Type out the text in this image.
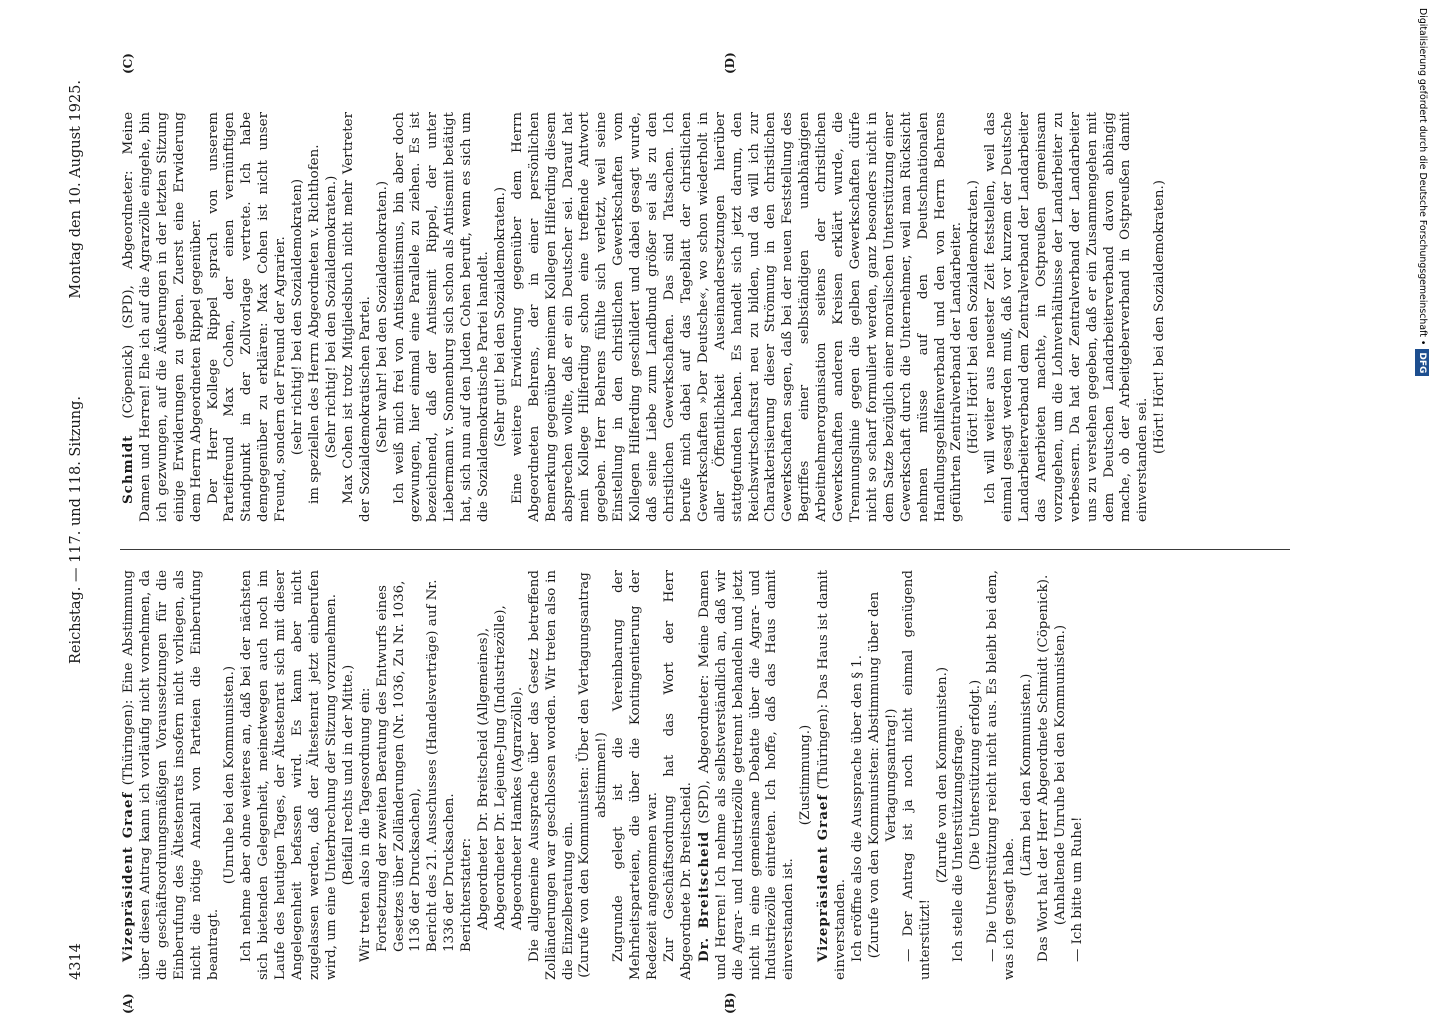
4314
Reichstag. — 117. und 118. Sitzung.
Montag den 10. August 1925.
(A)	(B)
(C)	(D)
Vizepräsident Graef (Thüringen): Eine Abstimmung über diesen Antrag kann ich vorläufig nicht vornehmen, da die geschäftsordnungsmäßigen Voraussetzungen für die Einberufung des Ältestenrats insofern nicht vorliegen, als nicht die nötige Anzahl von Parteien die Einberufung beantragt.
(Unruhe bei den Kommunisten.) Ich nehme aber ohne weiteres an, daß bei der nächsten sich bietenden Gelegenheit, meinetwegen auch noch im Laufe des heutigen Tages, der Ältestenrat sich mit dieser Angelegenheit befassen wird. Es kann aber nicht zugelassen werden, daß der Ältestenrat jetzt einberufen wird, um eine Unterbrechung der Sitzung vorzunehmen. (Beifall rechts und in der Mitte.) Wir treten also in die Tagesordnung ein: Fortsetzung der zweiten Beratung des Entwurfs eines Gesetzes über Zolländerungen (Nr. 1036, Zu Nr. 1036, 1136 der Drucksachen), Bericht des 21. Ausschusses (Handelsverträge) auf Nr. 1336 der Drucksachen. Berichterstatter: Abgeordneter Dr. Breitscheid (Allgemeines), Abgeordneter Dr. Lejeune-Jung (Industriezölle), Abgeordneter Hamkes (Agrarzölle). Die allgemeine Aussprache über das Gesetz betreffend Zolländerungen war geschlossen worden. Wir treten also in die Einzelberatung ein. (Zurufe von den Kommunisten: Über den Vertagungsantrag abstimmen!) Zugrunde gelegt ist die Vereinbarung der Mehrheitsparteien, die über die Kontingentierung der Redezeit angenommen war. Zur Geschäftsordnung hat das Wort der Herr Abgeordnete Dr. Breitscheid. Dr. Breitscheid (SPD), Abgeordneter: Meine Damen und Herren! Ich nehme als selbstverständlich an, daß wir die Agrar- und Industriezölle getrennt behandeln und jetzt nicht in eine gemeinsame Debatte über die Agrar- und Industriezölle eintreten. Ich hoffe, daß das Haus damit einverstanden ist.
(Zustimmung.)
Vizepräsident Graef (Thüringen): Das Haus ist damit einverstanden. Ich eröffne also die Aussprache über den § 1. (Zurufe von den Kommunisten: Abstimmung über den Vertagungsantrag!) — Der Antrag ist ja noch nicht einmal genügend unterstützt!
(Zurufe von den Kommunisten.) Ich stelle die Unterstützungsfrage. (Die Unterstützung erfolgt.) — Die Unterstützung reicht nicht aus. Es bleibt bei dem, was ich gesagt habe.
(Lärm bei den Kommunisten.) Das Wort hat der Herr Abgeordnete Schmidt (Cöpenick). (Anhaltende Unruhe bei den Kommunisten.) — Ich bitte um Ruhe!
Schmidt (Cöpenick) (SPD), Abgeordneter: Meine Damen und Herren! Ehe ich auf die Agrarzölle eingehe, bin ich gezwungen, auf die Äußerungen in der letzten Sitzung einige Erwiderungen zu geben. Zuerst eine Erwiderung dem Herrn Abgeordneten Rippel gegenüber. Der Herr Kollege Rippel sprach von unserem Parteifreund Max Cohen, der einen vernünftigen Standpunkt in der Zollvorlage vertrete. Ich habe demgegenüber zu erklären: Max Cohen ist nicht unser Freund, sondern der Freund der Agrarier. (sehr richtig! bei den Sozialdemokraten) im speziellen des Herrn Abgeordneten v. Richthofen. (Sehr richtig! bei den Sozialdemokraten.) Max Cohen ist trotz Mitgliedsbuch nicht mehr Vertreter der Sozialdemokratischen Partei. (Sehr wahr! bei den Sozialdemokraten.) Ich weiß mich frei von Antisemitismus, bin aber doch gezwungen, hier einmal eine Parallele zu ziehen. Es ist bezeichnend, daß der Antisemit Rippel, der unter Liebermann v. Sonnenburg sich schon als Antisemit betätigt hat, sich nun auf den Juden Cohen beruft, wenn es sich um die Sozialdemokratische Partei handelt. (Sehr gut! bei den Sozialdemokraten.) Eine weitere Erwiderung gegenüber dem Herrn Abgeordneten Behrens, der in einer persönlichen Bemerkung gegenüber meinem Kollegen Hilferding diesem absprechen wollte, daß er ein Deutscher sei. Darauf hat mein Kollege Hilferding schon eine treffende Antwort gegeben. Herr Behrens fühlte sich verletzt, weil seine Einstellung in den christlichen Gewerkschaften vom Kollegen Hilferding geschildert und dabei gesagt wurde, daß seine Liebe zum Landbund größer sei als zu den christlichen Gewerkschaften. Das sind Tatsachen. Ich berufe mich dabei auf das Tageblatt der christlichen Gewerkschaften »Der Deutsche«, wo schon wiederholt in aller Öffentlichkeit Auseinandersetzungen hierüber stattgefunden haben. Es handelt sich jetzt darum, den Reichswirtschaftsrat neu zu bilden, und da will ich zur Charakterisierung dieser Strömung in den christlichen Gewerkschaften sagen, daß bei der neuen Feststellung des Begriffes einer selbständigen unabhängigen Arbeitnehmerorganisation seitens der christlichen Gewerkschaften anderen Kreisen erklärt wurde, die Trennungslinie gegen die gelben Gewerkschaften dürfe nicht so scharf formuliert werden, ganz besonders nicht in dem Satze bezüglich einer moralischen Unterstützung einer Gewerkschaft durch die Unternehmer, weil man Rücksicht nehmen müsse auf den Deutschnationalen Handlungsgehilfenverband und den von Herrn Behrens geführten Zentralverband der Landarbeiter. (Hört! Hört! bei den Sozialdemokraten.) Ich will weiter aus neuester Zeit feststellen, weil das einmal gesagt werden muß, daß vor kurzem der Deutsche Landarbeiterverband dem Zentralverband der Landarbeiter das Anerbieten machte, in Ostpreußen gemeinsam vorzugehen, um die Lohnverhältnisse der Landarbeiter zu verbessern. Da hat der Zentralverband der Landarbeiter uns zu verstehen gegeben, daß er ein Zusammengehen mit dem Deutschen Landarbeiterverband davon abhängig mache, ob der Arbeitgeberverband in Ostpreußen damit einverstanden sei.
(Hört! Hört! bei den Sozialdemokraten.)	Digitalisierung gefördert durch die Deutsche Forschungsgemeinschaft •DFG
